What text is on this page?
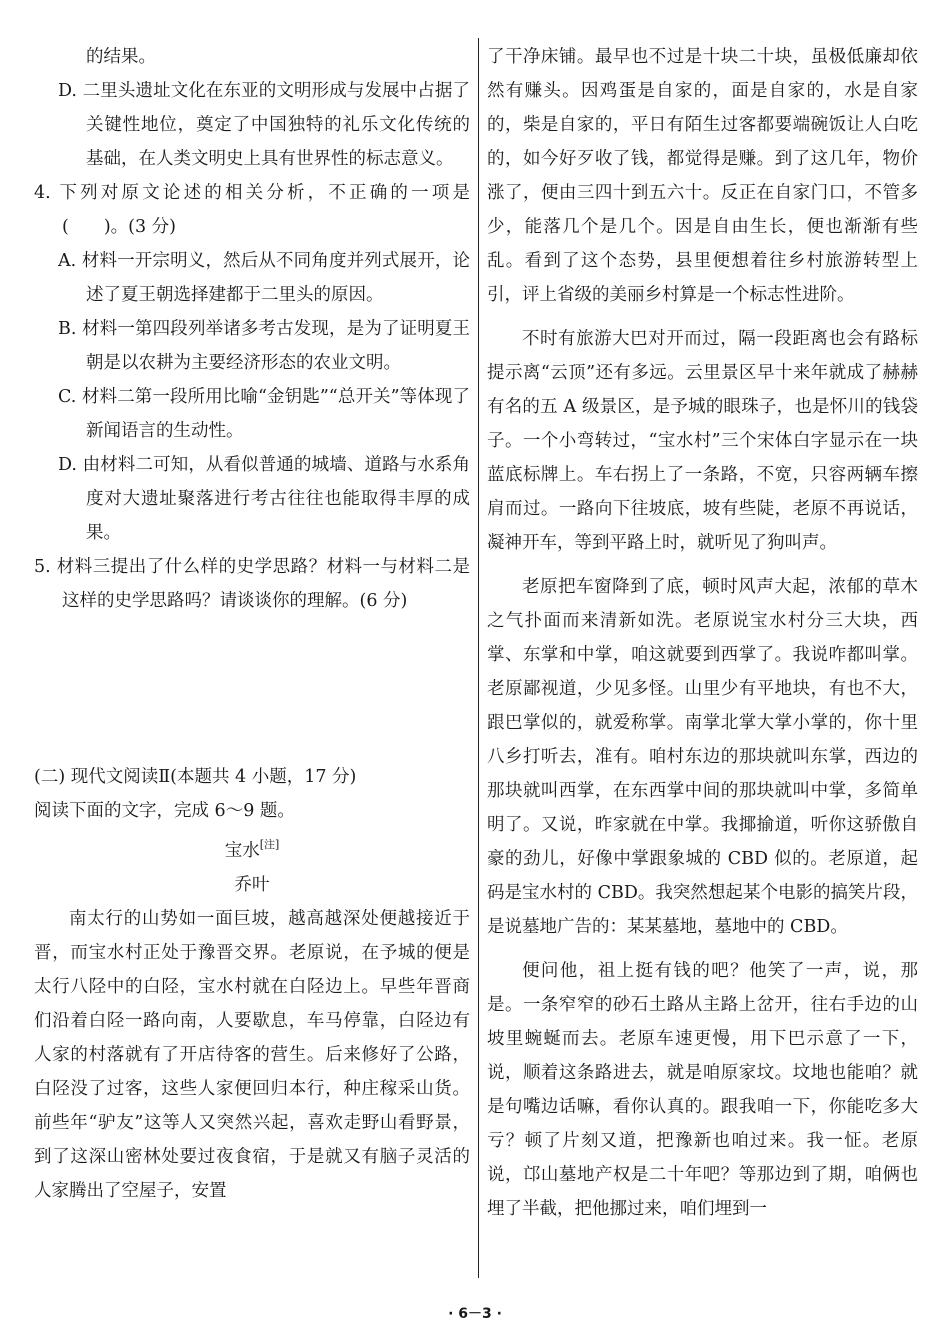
的结果。

D. 二里头遗址文化在东亚的文明形成与发展中占据了关键性地位，奠定了中国独特的礼乐文化传统的基础，在人类文明史上具有世界性的标志意义。

4. 下列对原文论述的相关分析，不正确的一项是(　　)。(3 分)

A. 材料一开宗明义，然后从不同角度并列式展开，论述了夏王朝选择建都于二里头的原因。

B. 材料一第四段列举诸多考古发现，是为了证明夏王朝是以农耕为主要经济形态的农业文明。

C. 材料二第一段所用比喻“金钥匙”“总开关”等体现了新闻语言的生动性。

D. 由材料二可知，从看似普通的城墙、道路与水系角度对大遗址聚落进行考古往往也能取得丰厚的成果。

5. 材料三提出了什么样的史学思路？材料一与材料二是这样的史学思路吗？请谈谈你的理解。(6 分)

(二) 现代文阅读Ⅱ(本题共 4 小题，17 分)

阅读下面的文字，完成 6～9 题。

宝水[注]

乔叶

南太行的山势如一面巨坡，越高越深处便越接近于晋，而宝水村正处于豫晋交界。老原说，在予城的便是太行八陉中的白陉，宝水村就在白陉边上。早些年晋商们沿着白陉一路向南，人要歇息，车马停靠，白陉边有人家的村落就有了开店待客的营生。后来修好了公路，白陉没了过客，这些人家便回归本行，种庄稼采山货。前些年“驴友”这等人又突然兴起，喜欢走野山看野景，到了这深山密林处要过夜食宿，于是就又有脑子灵活的人家腾出了空屋子，安置

了干净床铺。最早也不过是十块二十块，虽极低廉却依然有赚头。因鸡蛋是自家的，面是自家的，水是自家的，柴是自家的，平日有陌生过客都要端碗饭让人白吃的，如今好歹收了钱，都觉得是赚。到了这几年，物价涨了，便由三四十到五六十。反正在自家门口，不管多少，能落几个是几个。因是自由生长，便也渐渐有些乱。看到了这个态势，县里便想着往乡村旅游转型上引，评上省级的美丽乡村算是一个标志性进阶。

不时有旅游大巴对开而过，隔一段距离也会有路标提示离“云顶”还有多远。云里景区早十来年就成了赫赫有名的五 A 级景区，是予城的眼珠子，也是怀川的钱袋子。一个小弯转过，“宝水村”三个宋体白字显示在一块蓝底标牌上。车右拐上了一条路，不宽，只容两辆车擦肩而过。一路向下往坡底，坡有些陡，老原不再说话，凝神开车，等到平路上时，就听见了狗叫声。

老原把车窗降到了底，顿时风声大起，浓郁的草木之气扑面而来清新如洗。老原说宝水村分三大块，西掌、东掌和中掌，咱这就要到西掌了。我说咋都叫掌。老原鄙视道，少见多怪。山里少有平地块，有也不大，跟巴掌似的，就爱称掌。南掌北掌大掌小掌的，你十里八乡打听去，准有。咱村东边的那块就叫东掌，西边的那块就叫西掌，在东西掌中间的那块就叫中掌，多简单明了。又说，昨家就在中掌。我揶揄道，听你这骄傲自豪的劲儿，好像中掌跟象城的 CBD 似的。老原道，起码是宝水村的 CBD。我突然想起某个电影的搞笑片段，是说墓地广告的：某某墓地，墓地中的 CBD。

便问他，祖上挺有钱的吧？他笑了一声，说，那是。一条窄窄的砂石土路从主路上岔开，往右手边的山坡里蜿蜒而去。老原车速更慢，用下巴示意了一下，说，顺着这条路进去，就是咱原家坟。坟地也能咱？就是句嘴边话嘛，看你认真的。跟我咱一下，你能吃多大亏？顿了片刻又道，把豫新也咱过来。我一怔。老原说，邙山墓地产权是二十年吧？等那边到了期，咱俩也埋了半截，把他挪过来，咱们埋到一

· 6－3 ·
